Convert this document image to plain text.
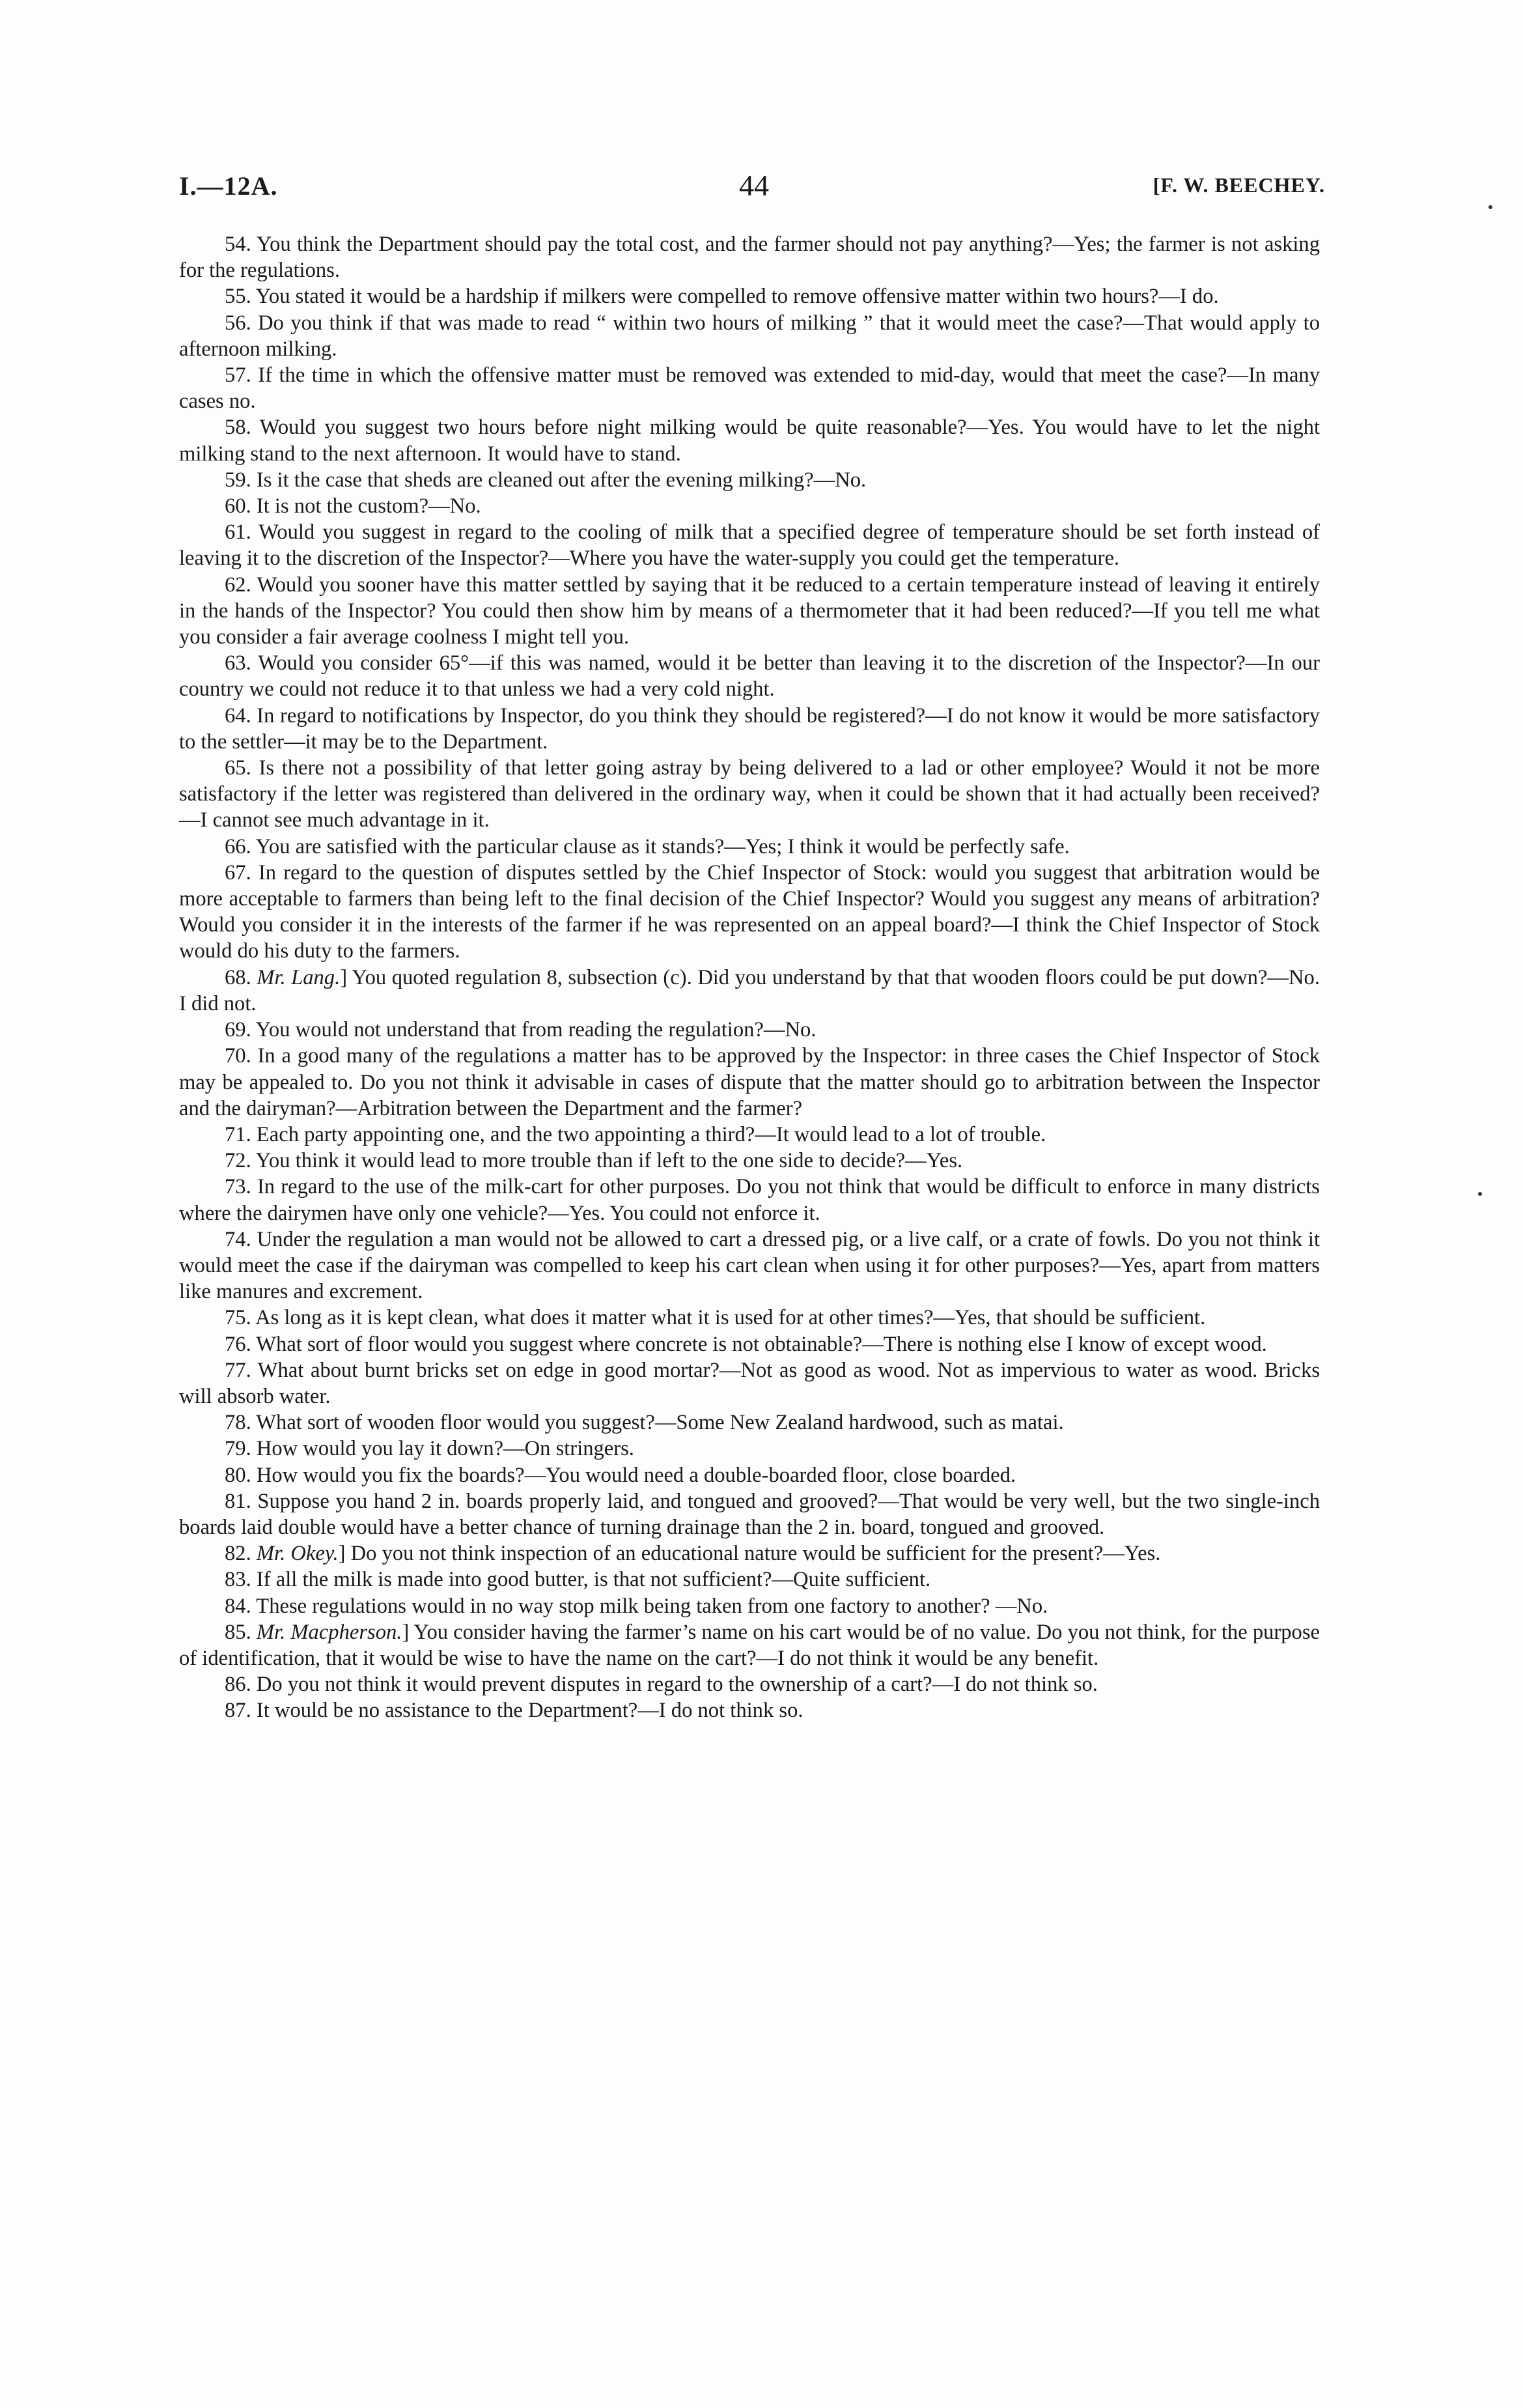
I.—12A.	44	[F. W. BEECHEY.

54. You think the Department should pay the total cost, and the farmer should not pay anything?—Yes; the farmer is not asking for the regulations.

55. You stated it would be a hardship if milkers were compelled to remove offensive matter within two hours?—I do.

56. Do you think if that was made to read “ within two hours of milking ” that it would meet the case?—That would apply to afternoon milking.

57. If the time in which the offensive matter must be removed was extended to mid-day, would that meet the case?—In many cases no.

58. Would you suggest two hours before night milking would be quite reasonable?—Yes. You would have to let the night milking stand to the next afternoon. It would have to stand.

59. Is it the case that sheds are cleaned out after the evening milking?—No.

60. It is not the custom?—No.

61. Would you suggest in regard to the cooling of milk that a specified degree of temperature should be set forth instead of leaving it to the discretion of the Inspector?—Where you have the water-supply you could get the temperature.

62. Would you sooner have this matter settled by saying that it be reduced to a certain temperature instead of leaving it entirely in the hands of the Inspector? You could then show him by means of a thermometer that it had been reduced?—If you tell me what you consider a fair average coolness I might tell you.

63. Would you consider 65°—if this was named, would it be better than leaving it to the discretion of the Inspector?—In our country we could not reduce it to that unless we had a very cold night.

64. In regard to notifications by Inspector, do you think they should be registered?—I do not know it would be more satisfactory to the settler—it may be to the Department.

65. Is there not a possibility of that letter going astray by being delivered to a lad or other employee? Would it not be more satisfactory if the letter was registered than delivered in the ordinary way, when it could be shown that it had actually been received?—I cannot see much advantage in it.

66. You are satisfied with the particular clause as it stands?—Yes; I think it would be perfectly safe.

67. In regard to the question of disputes settled by the Chief Inspector of Stock: would you suggest that arbitration would be more acceptable to farmers than being left to the final decision of the Chief Inspector? Would you suggest any means of arbitration? Would you consider it in the interests of the farmer if he was represented on an appeal board?—I think the Chief Inspector of Stock would do his duty to the farmers.

68. Mr. Lang.] You quoted regulation 8, subsection (c). Did you understand by that that wooden floors could be put down?—No. I did not.

69. You would not understand that from reading the regulation?—No.

70. In a good many of the regulations a matter has to be approved by the Inspector: in three cases the Chief Inspector of Stock may be appealed to. Do you not think it advisable in cases of dispute that the matter should go to arbitration between the Inspector and the dairyman?—Arbitration between the Department and the farmer?

71. Each party appointing one, and the two appointing a third?—It would lead to a lot of trouble.

72. You think it would lead to more trouble than if left to the one side to decide?—Yes.

73. In regard to the use of the milk-cart for other purposes. Do you not think that would be difficult to enforce in many districts where the dairymen have only one vehicle?—Yes. You could not enforce it.

74. Under the regulation a man would not be allowed to cart a dressed pig, or a live calf, or a crate of fowls. Do you not think it would meet the case if the dairyman was compelled to keep his cart clean when using it for other purposes?—Yes, apart from matters like manures and excrement.

75. As long as it is kept clean, what does it matter what it is used for at other times?—Yes, that should be sufficient.

76. What sort of floor would you suggest where concrete is not obtainable?—There is nothing else I know of except wood.

77. What about burnt bricks set on edge in good mortar?—Not as good as wood. Not as impervious to water as wood. Bricks will absorb water.

78. What sort of wooden floor would you suggest?—Some New Zealand hardwood, such as matai.

79. How would you lay it down?—On stringers.

80. How would you fix the boards?—You would need a double-boarded floor, close boarded.

81. Suppose you hand 2 in. boards properly laid, and tongued and grooved?—That would be very well, but the two single-inch boards laid double would have a better chance of turning drainage than the 2 in. board, tongued and grooved.

82. Mr. Okey.] Do you not think inspection of an educational nature would be sufficient for the present?—Yes.

83. If all the milk is made into good butter, is that not sufficient?—Quite sufficient.

84. These regulations would in no way stop milk being taken from one factory to another? —No.

85. Mr. Macpherson.] You consider having the farmer’s name on his cart would be of no value. Do you not think, for the purpose of identification, that it would be wise to have the name on the cart?—I do not think it would be any benefit.

86. Do you not think it would prevent disputes in regard to the ownership of a cart?—I do not think so.

87. It would be no assistance to the Department?—I do not think so.
